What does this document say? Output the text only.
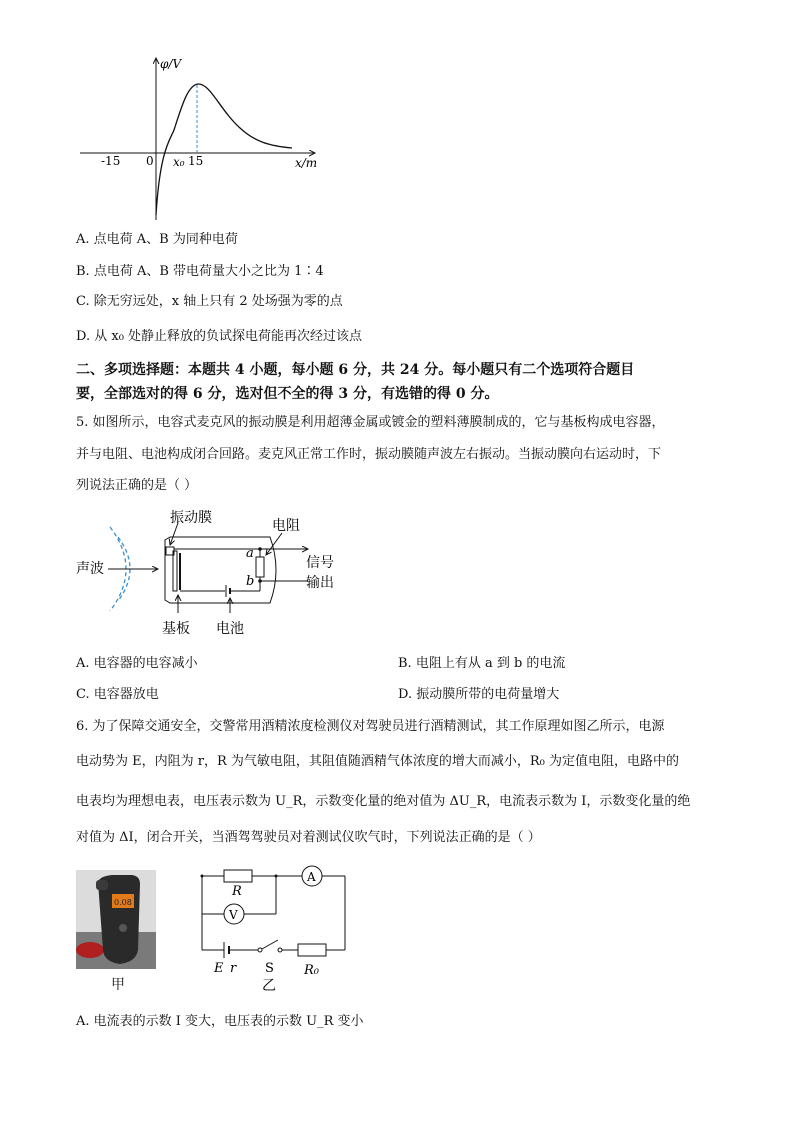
φ/V
x/m
-15 0 x₀ 15
A. 点电荷 A、B 为同种电荷
B. 点电荷 A、B 带电荷量大小之比为 1∶4
C. 除无穷远处，x 轴上只有 2 处场强为零的点
D. 从 x₀ 处静止释放的负试探电荷能再次经过该点
二、多项选择题：本题共 4 小题，每小题 6 分，共 24 分。每小题只有二个选项符合题目
要，全部选对的得 6 分，选对但不全的得 3 分，有选错的得 0 分。
5. 如图所示，电容式麦克风的振动膜是利用超薄金属或镀金的塑料薄膜制成的，它与基板构成电容器，
并与电阻、电池构成闭合回路。麦克风正常工作时，振动膜随声波左右振动。当振动膜向右运动时，下
列说法正确的是（ ）
声波
a
b
信号
输出
振动膜	电阻
基板 电池
A. 电容器的电容减小	B. 电阻上有从 a 到 b 的电流
C. 电容器放电	D. 振动膜所带的电荷量增大
6. 为了保障交通安全，交警常用酒精浓度检测仪对驾驶员进行酒精测试，其工作原理如图乙所示，电源
电动势为 E，内阻为 r，R 为气敏电阻，其阻值随酒精气体浓度的增大而减小，R₀ 为定值电阻，电路中的
电表均为理想电表，电压表示数为 U_R，示数变化量的绝对值为 ΔU_R，电流表示数为 I，示数变化量的绝
对值为 ΔI，闭合开关，当酒驾驾驶员对着测试仪吹气时，下列说法正确的是（ ）
0.08
甲
A
V
R
E r S R₀
乙
A. 电流表的示数 I 变大，电压表的示数 U_R 变小
